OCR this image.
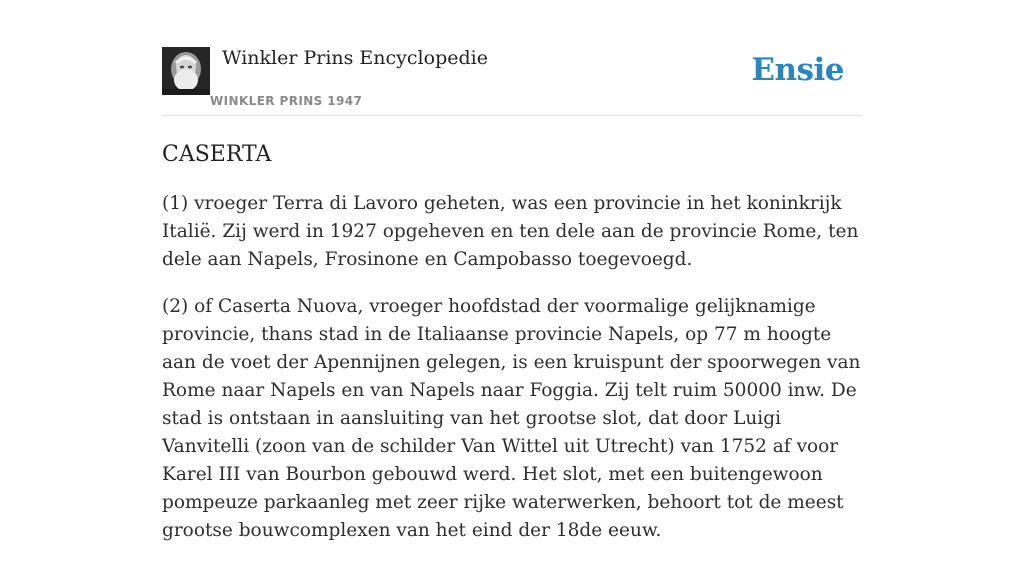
Winkler Prins Encyclopedie
WINKLER PRINS 1947
Ensie
CASERTA

(1) vroeger Terra di Lavoro geheten, was een provincie in het koninkrijk Italië. Zij werd in 1927 opgeheven en ten dele aan de provincie Rome, ten dele aan Napels, Frosinone en Campobasso toegevoegd.

(2) of Caserta Nuova, vroeger hoofdstad der voormalige gelijknamige provincie, thans stad in de Italiaanse provincie Napels, op 77 m hoogte aan de voet der Apennijnen gelegen, is een kruispunt der spoorwegen van Rome naar Napels en van Napels naar Foggia. Zij telt ruim 50000 inw. De stad is ontstaan in aansluiting van het grootse slot, dat door Luigi Vanvitelli (zoon van de schilder Van Wittel uit Utrecht) van 1752 af voor Karel III van Bourbon gebouwd werd. Het slot, met een buitengewoon pompeuze parkaanleg met zeer rijke waterwerken, behoort tot de meest grootse bouwcomplexen van het eind der 18de eeuw.
